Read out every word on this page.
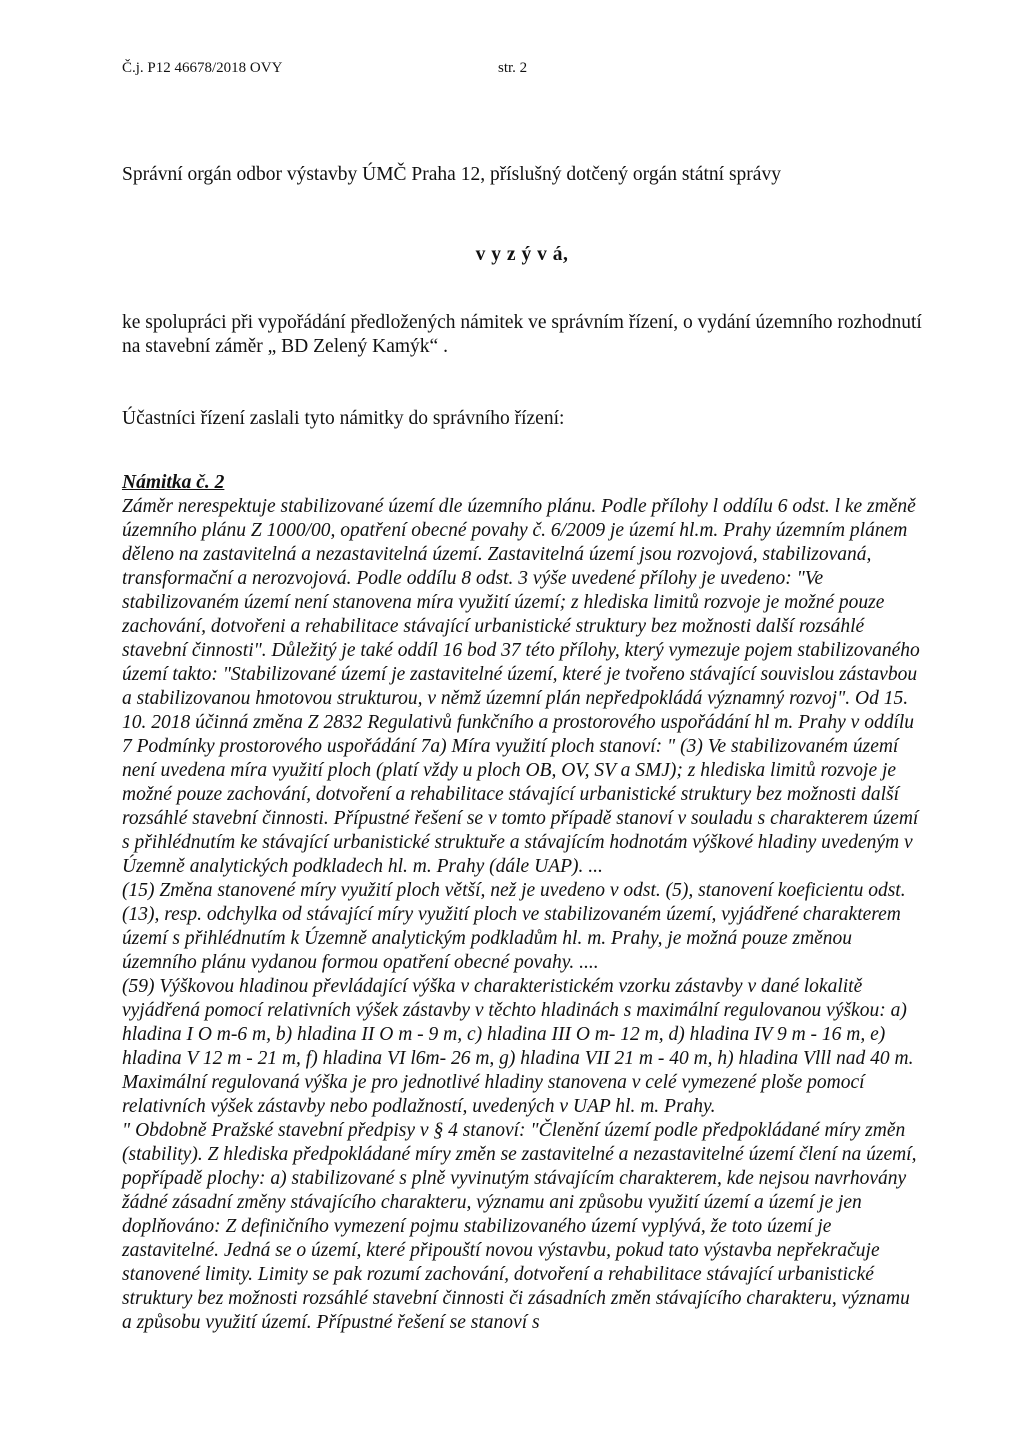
Č.j. P12 46678/2018 OVY	str. 2

Správní orgán odbor výstavby ÚMČ Praha 12, příslušný dotčený orgán státní správy

v y z ý v á,

ke spolupráci při vypořádání předložených námitek ve správním řízení, o vydání územního rozhodnutí na stavební záměr „ BD Zelený Kamýk“ .

Účastníci řízení zaslali tyto námitky do správního řízení:

Námitka č. 2

Záměr nerespektuje stabilizované území dle územního plánu. Podle přílohy l oddílu 6 odst. l ke změně územního plánu Z 1000/00, opatření obecné povahy č. 6/2009 je území hl.m. Prahy územním plánem děleno na zastavitelná a nezastavitelná území. Zastavitelná území jsou rozvojová, stabilizovaná, transformační a nerozvojová. Podle oddílu 8 odst. 3 výše uvedené přílohy je uvedeno: "Ve stabilizovaném území není stanovena míra využití území; z hlediska limitů rozvoje je možné pouze zachování, dotvořeni a rehabilitace stávající urbanistické struktury bez možnosti další rozsáhlé stavební činnosti". Důležitý je také oddíl 16 bod 37 této přílohy, který vymezuje pojem stabilizovaného území takto: "Stabilizované území je zastavitelné území, které je tvořeno stávající souvislou zástavbou a stabilizovanou hmotovou strukturou, v němž územní plán nepředpokládá významný rozvoj". Od 15. 10. 2018 účinná změna Z 2832 Regulativů funkčního a prostorového uspořádání hl m. Prahy v oddílu 7 Podmínky prostorového uspořádání 7a) Míra využití ploch stanoví: " (3) Ve stabilizovaném území není uvedena míra využití ploch (platí vždy u ploch OB, OV, SV a SMJ); z hlediska limitů rozvoje je možné pouze zachování, dotvoření a rehabilitace stávající urbanistické struktury bez možnosti další rozsáhlé stavební činnosti. Přípustné řešení se v tomto případě stanoví v souladu s charakterem území s přihlédnutím ke stávající urbanistické struktuře a stávajícím hodnotám výškové hladiny uvedeným v Územně analytických podkladech hl. m. Prahy (dále UAP). ...
(15) Změna stanovené míry využití ploch větší, než je uvedeno v odst. (5), stanovení koeficientu odst. (13), resp. odchylka od stávající míry využití ploch ve stabilizovaném území, vyjádřené charakterem území s přihlédnutím k Územně analytickým podkladům hl. m. Prahy, je možná pouze změnou územního plánu vydanou formou opatření obecné povahy. ....
(59) Výškovou hladinou převládající výška v charakteristickém vzorku zástavby v dané lokalitě vyjádřená pomocí relativních výšek zástavby v těchto hladinách s maximální regulovanou výškou: a) hladina I O m-6 m, b) hladina II O m - 9 m, c) hladina III O m- 12 m, d) hladina IV 9 m - 16 m, e) hladina V 12 m - 21 m, f) hladina VI l6m- 26 m, g) hladina VII 21 m - 40 m, h) hladina Vlll nad 40 m. Maximální regulovaná výška je pro jednotlivé hladiny stanovena v celé vymezené ploše pomocí relativních výšek zástavby nebo podlažností, uvedených v UAP hl. m. Prahy.
" Obdobně Pražské stavební předpisy v § 4 stanoví: "Členění území podle předpokládané míry změn (stability). Z hlediska předpokládané míry změn se zastavitelné a nezastavitelné území člení na území, popřípadě plochy: a) stabilizované s plně vyvinutým stávajícím charakterem, kde nejsou navrhovány žádné zásadní změny stávajícího charakteru, významu ani způsobu využití území a území je jen doplňováno: Z definičního vymezení pojmu stabilizovaného území vyplývá, že toto území je zastavitelné. Jedná se o území, které připouští novou výstavbu, pokud tato výstavba nepřekračuje stanovené limity. Limity se pak rozumí zachování, dotvoření a rehabilitace stávající urbanistické struktury bez možnosti rozsáhlé stavební činnosti či zásadních změn stávajícího charakteru, významu a způsobu využití území. Přípustné řešení se stanoví s
